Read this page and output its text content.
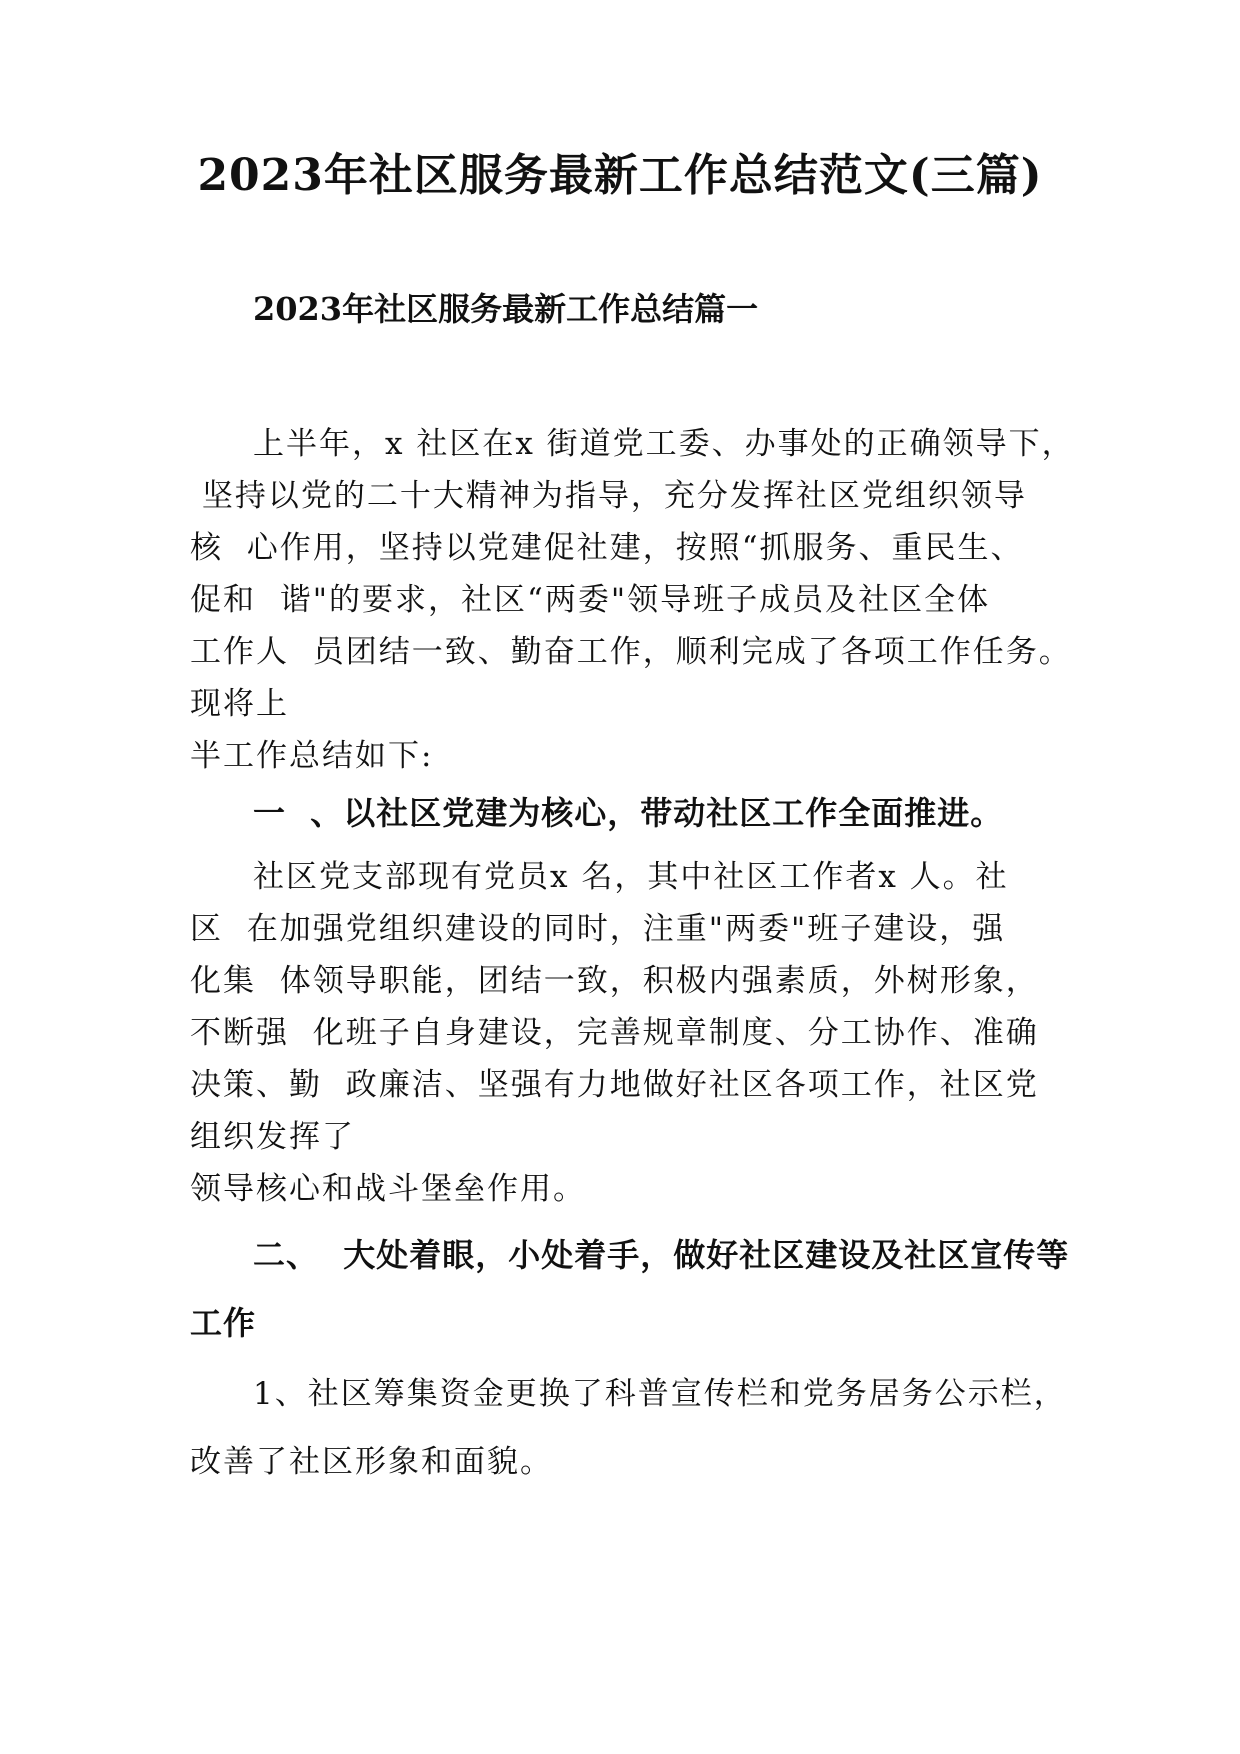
2023年社区服务最新工作总结范文(三篇)
2023年社区服务最新工作总结篇一
上半年，x 社区在x 街道党工委、办事处的正确领导下，
坚持以党的二十大精神为指导，充分发挥社区党组织领导
核  心作用，坚持以党建促社建，按照“抓服务、重民生、
促和  谐"的要求，社区“两委"领导班子成员及社区全体
工作人  员团结一致、勤奋工作，顺利完成了各项工作任务。
现将上
半工作总结如下:
一  、以社区党建为核心，带动社区工作全面推进。
社区党支部现有党员x 名，其中社区工作者x 人。社
区  在加强党组织建设的同时，注重"两委"班子建设，强
化集  体领导职能，团结一致，积极内强素质，外树形象，
不断强  化班子自身建设，完善规章制度、分工协作、准确
决策、勤  政廉洁、坚强有力地做好社区各项工作，社区党
组织发挥了
领导核心和战斗堡垒作用。
二、  大处着眼，小处着手，做好社区建设及社区宣传等
工作
1、社区筹集资金更换了科普宣传栏和党务居务公示栏，
改善了社区形象和面貌。
